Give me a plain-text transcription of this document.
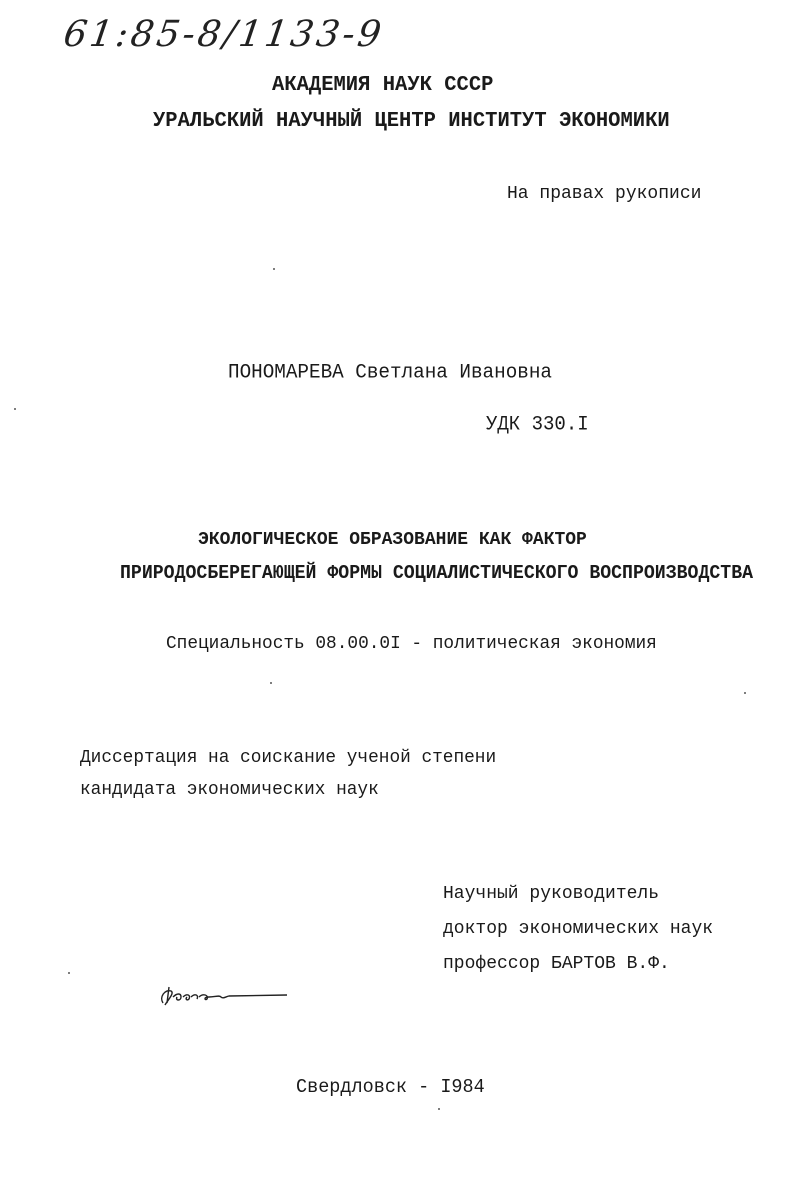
61:85-8/1133-9
АКАДЕМИЯ НАУК СССР
УРАЛЬСКИЙ НАУЧНЫЙ ЦЕНТР ИНСТИТУТ ЭКОНОМИКИ
На правах рукописи
ПОНОМАРЕВА Светлана Ивановна
УДК 330.I
ЭКОЛОГИЧЕСКОЕ ОБРАЗОВАНИЕ КАК ФАКТОР
ПРИРОДОСБЕРЕГАЮЩЕЙ ФОРМЫ СОЦИАЛИСТИЧЕСКОГО ВОСПРОИЗВОДСТВА
Специальность 08.00.0I - политическая экономия
Диссертация на соискание ученой степени
кандидата экономических наук
Научный руководитель
доктор экономических наук
профессор БАРТОВ В.Ф.
Свердловск - I984
